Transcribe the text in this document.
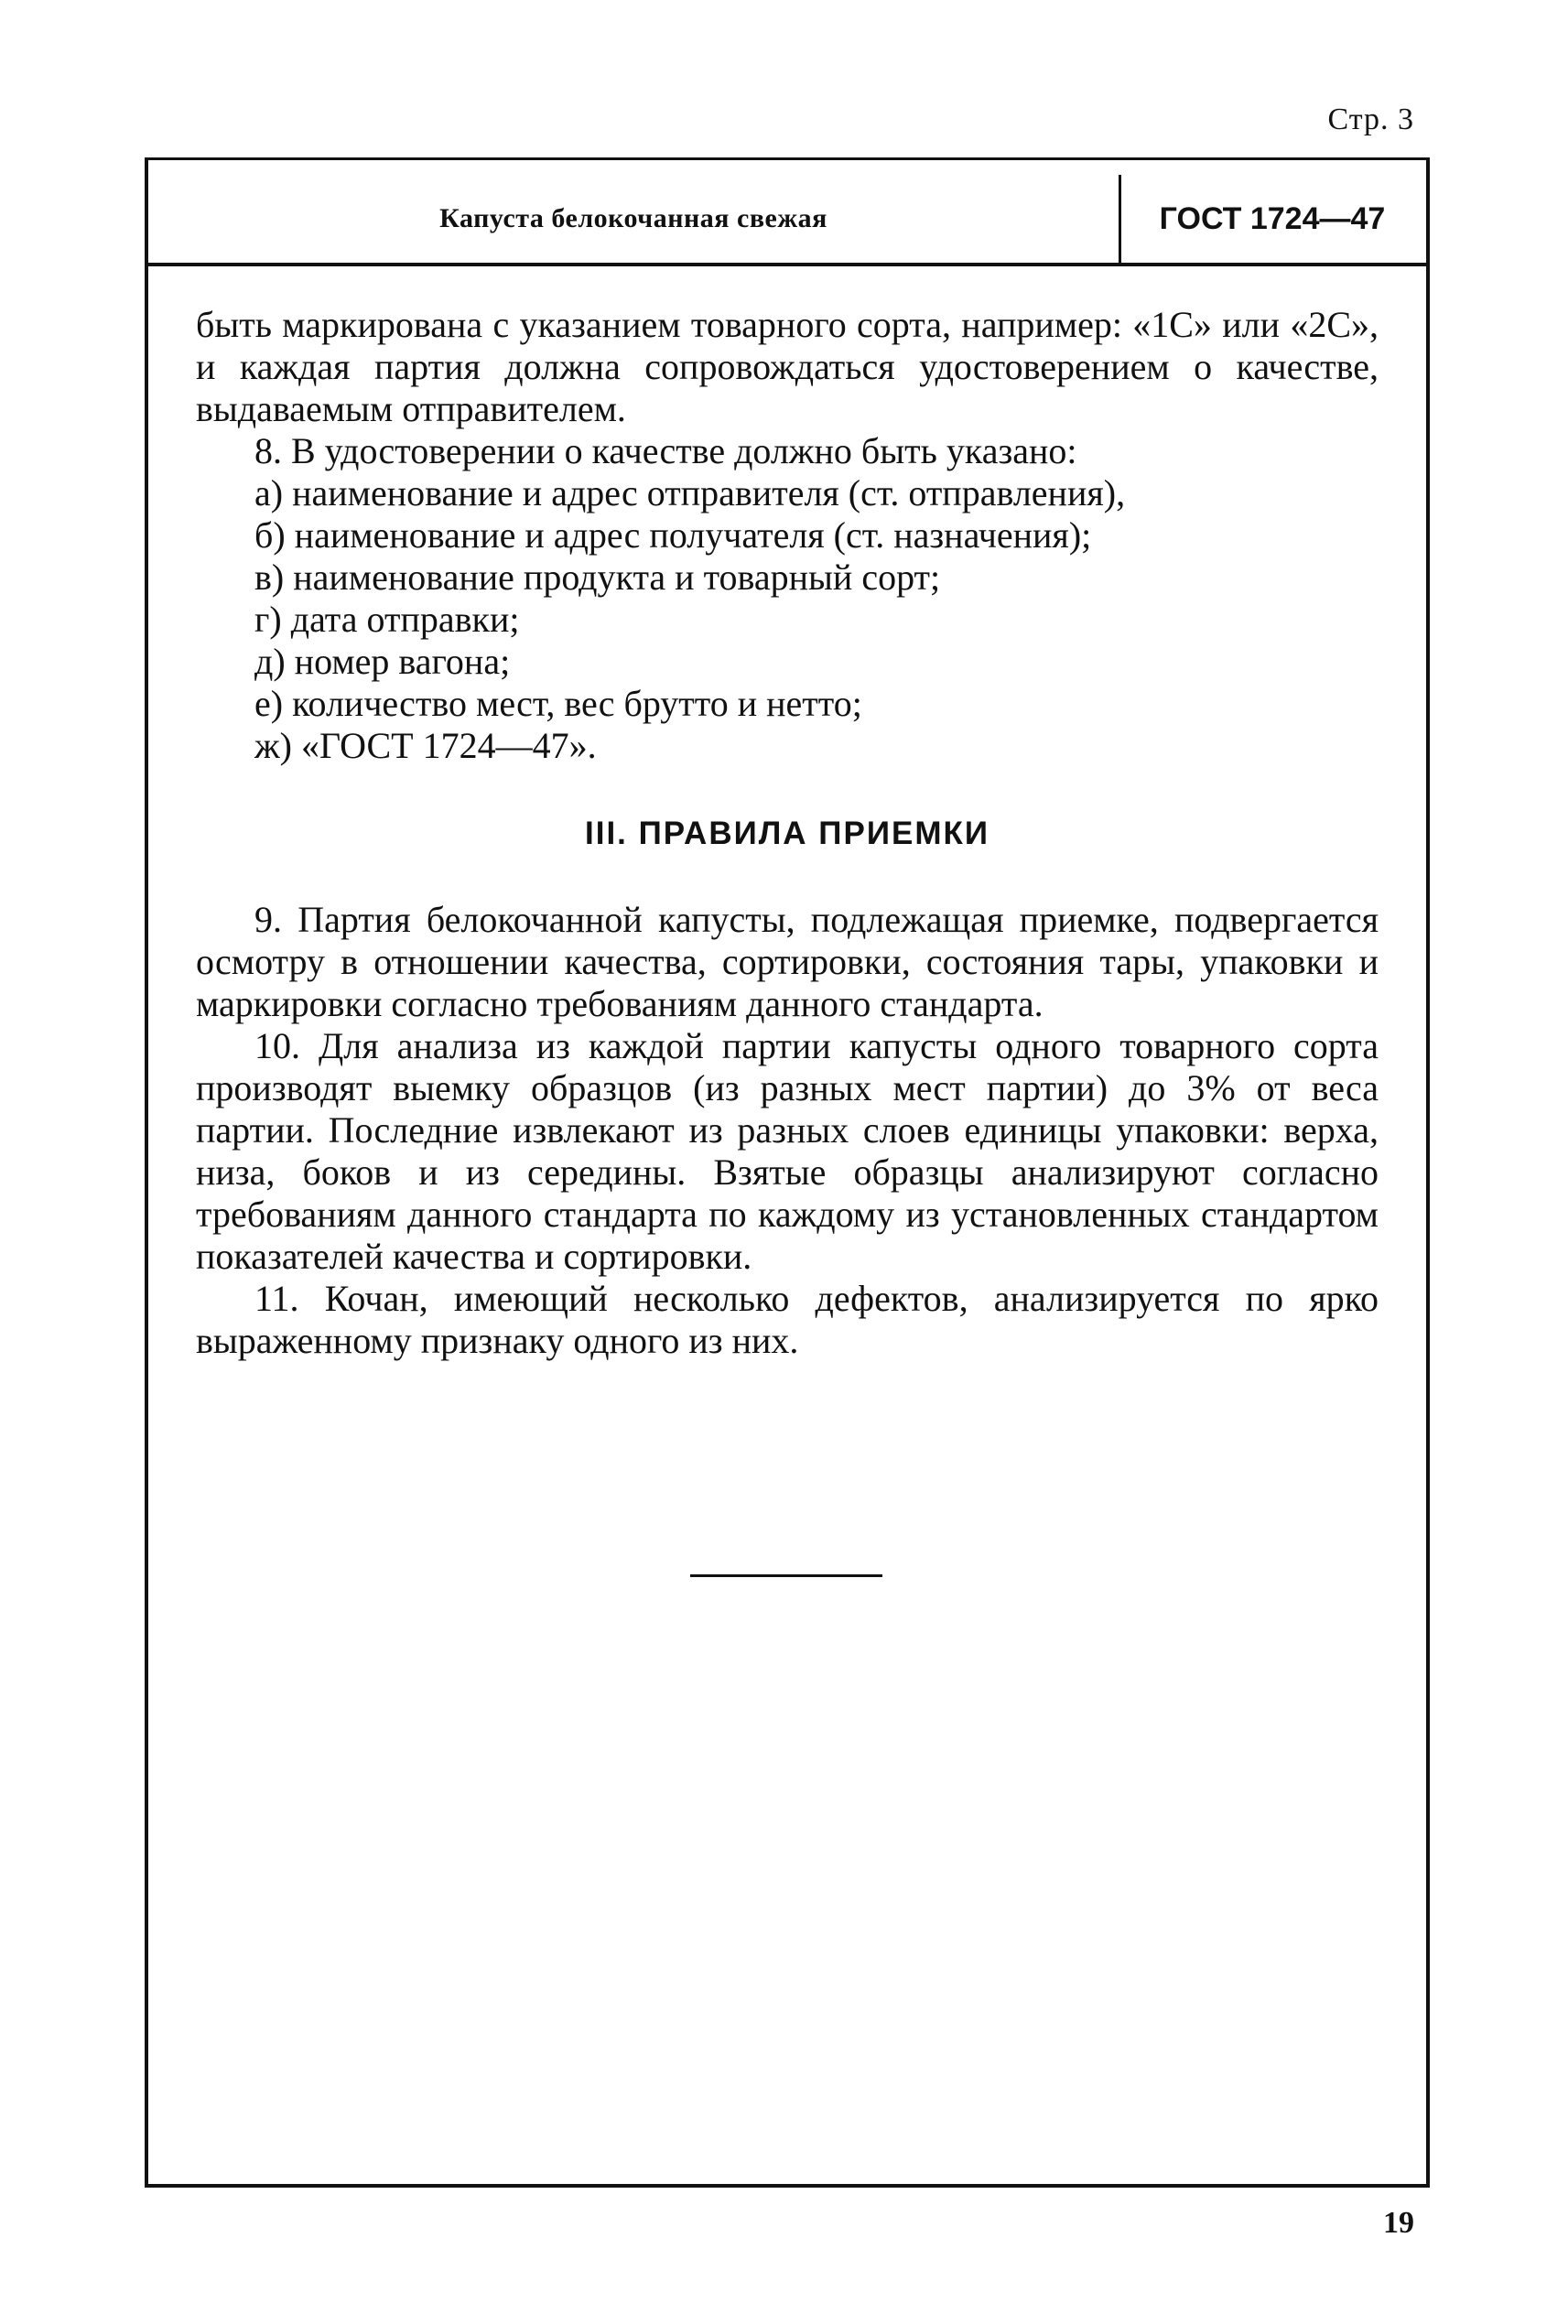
Стр. 3
Капуста белокочанная свежая	ГОСТ 1724—47

быть маркирована с указанием товарного сорта, например: «1С» или «2С», и каждая партия должна сопровождаться удостоверением о качестве, выдаваемым отправителем.

8. В удостоверении о качестве должно быть указано:

а) наименование и адрес отправителя (ст. отправления),

б) наименование и адрес получателя (ст. назначения);

в) наименование продукта и товарный сорт;

г) дата отправки;

д) номер вагона;

е) количество мест, вес брутто и нетто;

ж) «ГОСТ 1724—47».

III. ПРАВИЛА ПРИЕМКИ

9. Партия белокочанной капусты, подлежащая приемке, подвергается осмотру в отношении качества, сортировки, состояния тары, упаковки и маркировки согласно требованиям данного стандарта.

10. Для анализа из каждой партии капусты одного товарного сорта производят выемку образцов (из разных мест партии) до 3% от веса партии. Последние извлекают из разных слоев единицы упаковки: верха, низа, боков и из середины. Взятые образцы анализируют согласно требованиям данного стандарта по каждому из установленных стандартом показателей качества и сортировки.

11. Кочан, имеющий несколько дефектов, анализируется по ярко выраженному признаку одного из них.

19
